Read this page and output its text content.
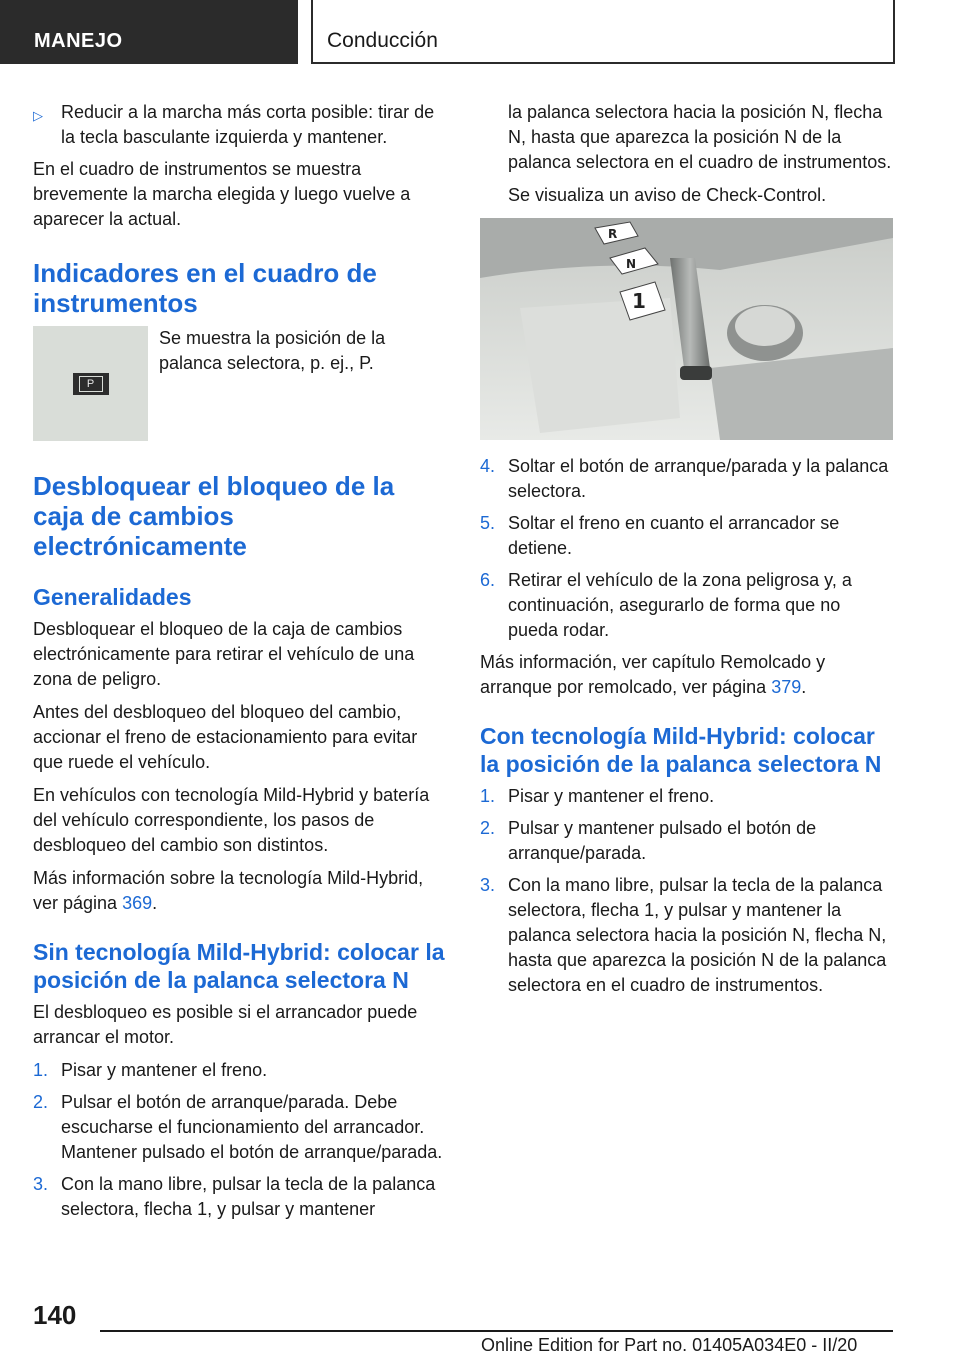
MANEJO	Conducción
▷	Reducir a la marcha más corta posible: tirar de la tecla basculante izquierda y mantener.

En el cuadro de instrumentos se muestra brevemente la marcha elegida y luego vuelve a aparecer la actual.

Indicadores en el cuadro de instrumentos
P
Se muestra la posición de la palanca selectora, p. ej., P.
Desbloquear el bloqueo de la caja de cambios electrónicamente
Generalidades

Desbloquear el bloqueo de la caja de cambios electrónicamente para retirar el vehículo de una zona de peligro.

Antes del desbloqueo del bloqueo del cambio, accionar el freno de estacionamiento para evitar que ruede el vehículo.

En vehículos con tecnología Mild-Hybrid y batería del vehículo correspondiente, los pasos de desbloqueo del cambio son distintos.

Más información sobre la tecnología Mild-Hybrid, ver página 369.

Sin tecnología Mild-Hybrid: colocar la posición de la palanca selectora N

El desbloqueo es posible si el arrancador puede arrancar el motor.

1. Pisar y mantener el freno.
2. Pulsar el botón de arranque/parada. Debe escucharse el funcionamiento del arrancador. Mantener pulsado el botón de arranque/parada.
3. Con la mano libre, pulsar la tecla de la palanca selectora, flecha 1, y pulsar y mantener

la palanca selectora hacia la posición N, flecha N, hasta que aparezca la posición N de la palanca selectora en el cuadro de instrumentos.

Se visualiza un aviso de Check-Control.

R
N
1
4. Soltar el botón de arranque/parada y la palanca selectora.
5. Soltar el freno en cuanto el arrancador se detiene.
6. Retirar el vehículo de la zona peligrosa y, a continuación, asegurarlo de forma que no pueda rodar.

Más información, ver capítulo Remolcado y arranque por remolcado, ver página 379.

Con tecnología Mild-Hybrid: colocar la posición de la palanca selectora N
1. Pisar y mantener el freno.
2. Pulsar y mantener pulsado el botón de arranque/parada.
3. Con la mano libre, pulsar la tecla de la palanca selectora, flecha 1, y pulsar y mantener la palanca selectora hacia la posición N, flecha N, hasta que aparezca la posición N de la palanca selectora en el cuadro de instrumentos.
140
Online Edition for Part no. 01405A034E0 - II/20
